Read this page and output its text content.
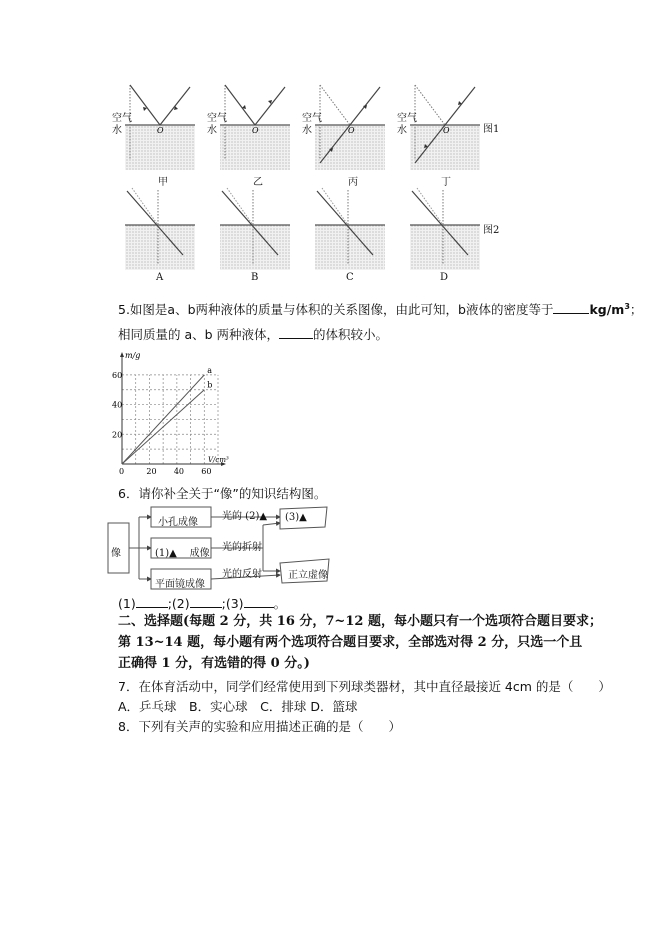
O	O	O	O
空气
水
空气
水
空气
水
空气
水	图1
甲	乙	丙	丁
图2
A	B	C	D
5.如图是a、b两种液体的质量与体积的关系图像，由此可知，b液体的密度等于	$kg/m^3$；
相同质量的 a、b 两种液体，	的体积较小。
a
b
0	20 40 60
20
40
60
V/cm³
m/g
6．请你补全关于“像”的知识结构图。
像
小孔成像
(1)▲    成像
平面镜成像
光的 (2)▲
光的折射
光的反射
(3)▲
正立虚像
(1)	;(2)	;(3) 。
二、选择题(每题 2 分，共 16 分，7~12 题，每小题只有一个选项符合题目要求；
第 13~14 题，每小题有两个选项符合题目要求，全部选对得 2 分，只选一个且
正确得 1 分，有选错的得 0 分。)
7．在体育活动中，同学们经常使用到下列球类器材，其中直径最接近 4cm 的是（　　）
A．乒乓球　B．实心球　C．排球 D．篮球
8．下列有关声的实验和应用描述正确的是（　　）
